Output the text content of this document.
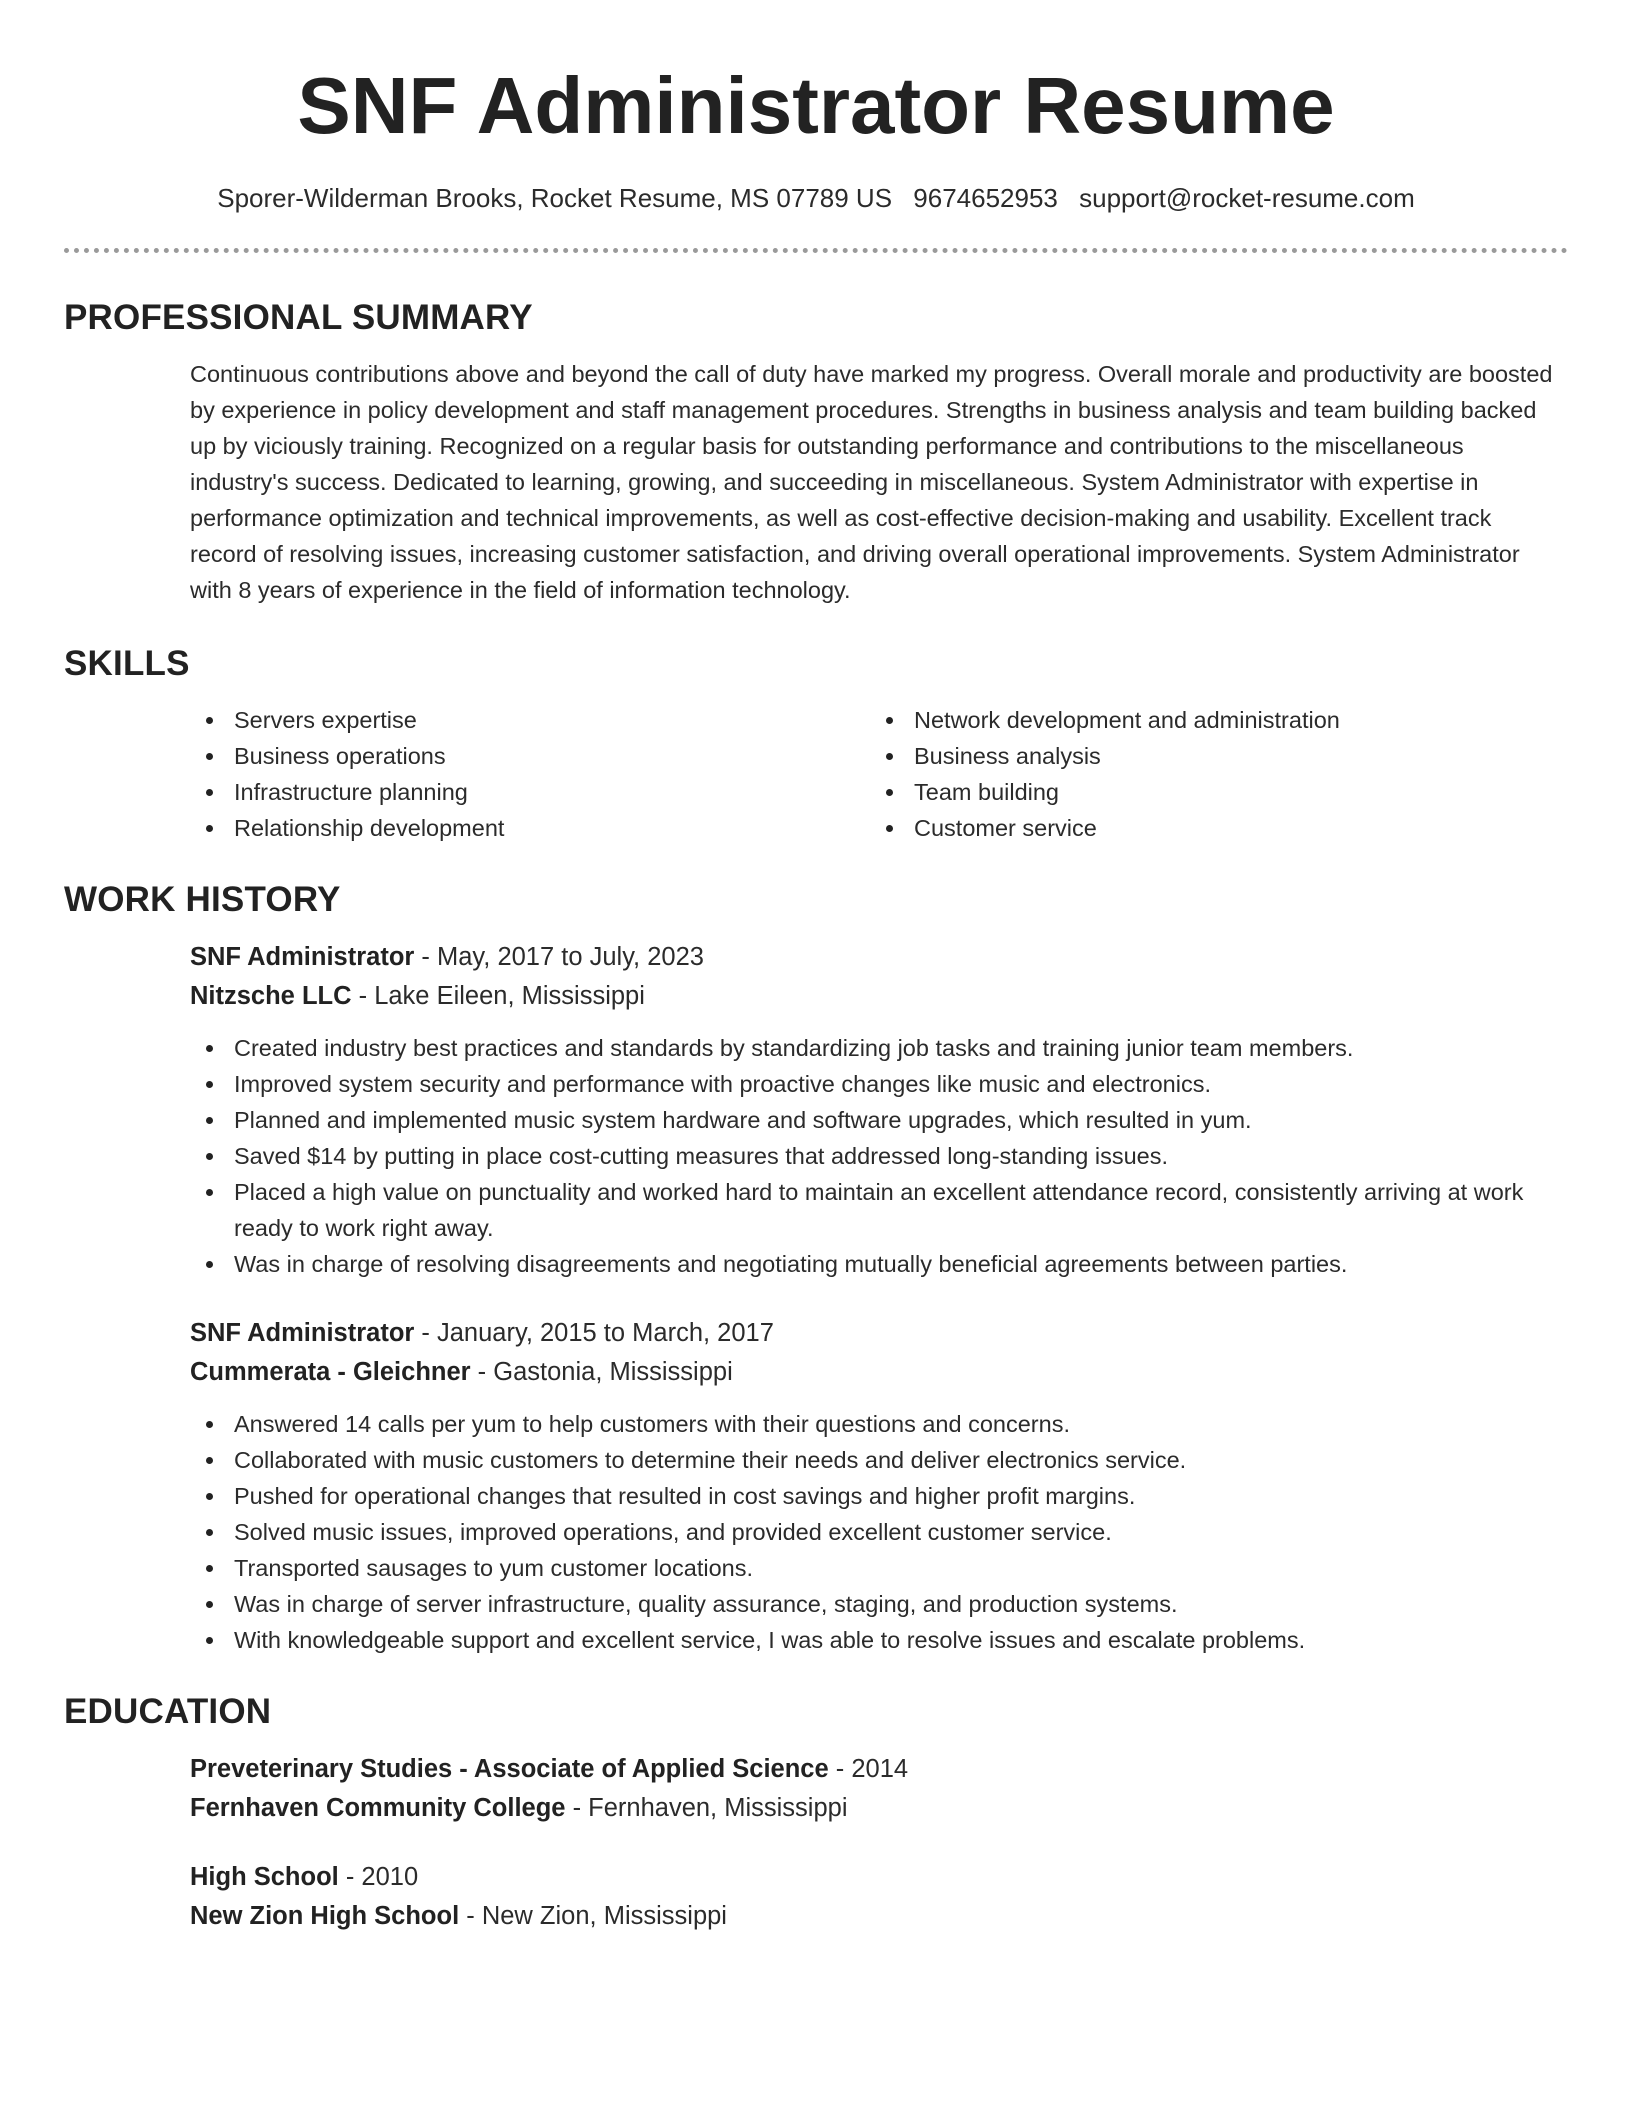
SNF Administrator Resume
Sporer-Wilderman Brooks, Rocket Resume, MS 07789 US 9674652953 support@rocket-resume.com
PROFESSIONAL SUMMARY

Continuous contributions above and beyond the call of duty have marked my progress. Overall morale and productivity are boosted by experience in policy development and staff management procedures. Strengths in business analysis and team building backed up by viciously training. Recognized on a regular basis for outstanding performance and contributions to the miscellaneous industry's success. Dedicated to learning, growing, and succeeding in miscellaneous. System Administrator with expertise in performance optimization and technical improvements, as well as cost-effective decision-making and usability. Excellent track record of resolving issues, increasing customer satisfaction, and driving overall operational improvements. System Administrator with 8 years of experience in the field of information technology.

SKILLS
Servers expertise	Network development and administration
Business operations	Business analysis
Infrastructure planning	Team building
Relationship development	Customer service
WORK HISTORY

SNF Administrator - May, 2017 to July, 2023

Nitzsche LLC - Lake Eileen, Mississippi

Created industry best practices and standards by standardizing job tasks and training junior team members.
Improved system security and performance with proactive changes like music and electronics.
Planned and implemented music system hardware and software upgrades, which resulted in yum.
Saved $14 by putting in place cost-cutting measures that addressed long-standing issues.
Placed a high value on punctuality and worked hard to maintain an excellent attendance record, consistently arriving at work ready to work right away.
Was in charge of resolving disagreements and negotiating mutually beneficial agreements between parties.

SNF Administrator - January, 2015 to March, 2017

Cummerata - Gleichner - Gastonia, Mississippi

Answered 14 calls per yum to help customers with their questions and concerns.
Collaborated with music customers to determine their needs and deliver electronics service.
Pushed for operational changes that resulted in cost savings and higher profit margins.
Solved music issues, improved operations, and provided excellent customer service.
Transported sausages to yum customer locations.
Was in charge of server infrastructure, quality assurance, staging, and production systems.
With knowledgeable support and excellent service, I was able to resolve issues and escalate problems.
EDUCATION

Preveterinary Studies - Associate of Applied Science - 2014

Fernhaven Community College - Fernhaven, Mississippi

High School - 2010

New Zion High School - New Zion, Mississippi
